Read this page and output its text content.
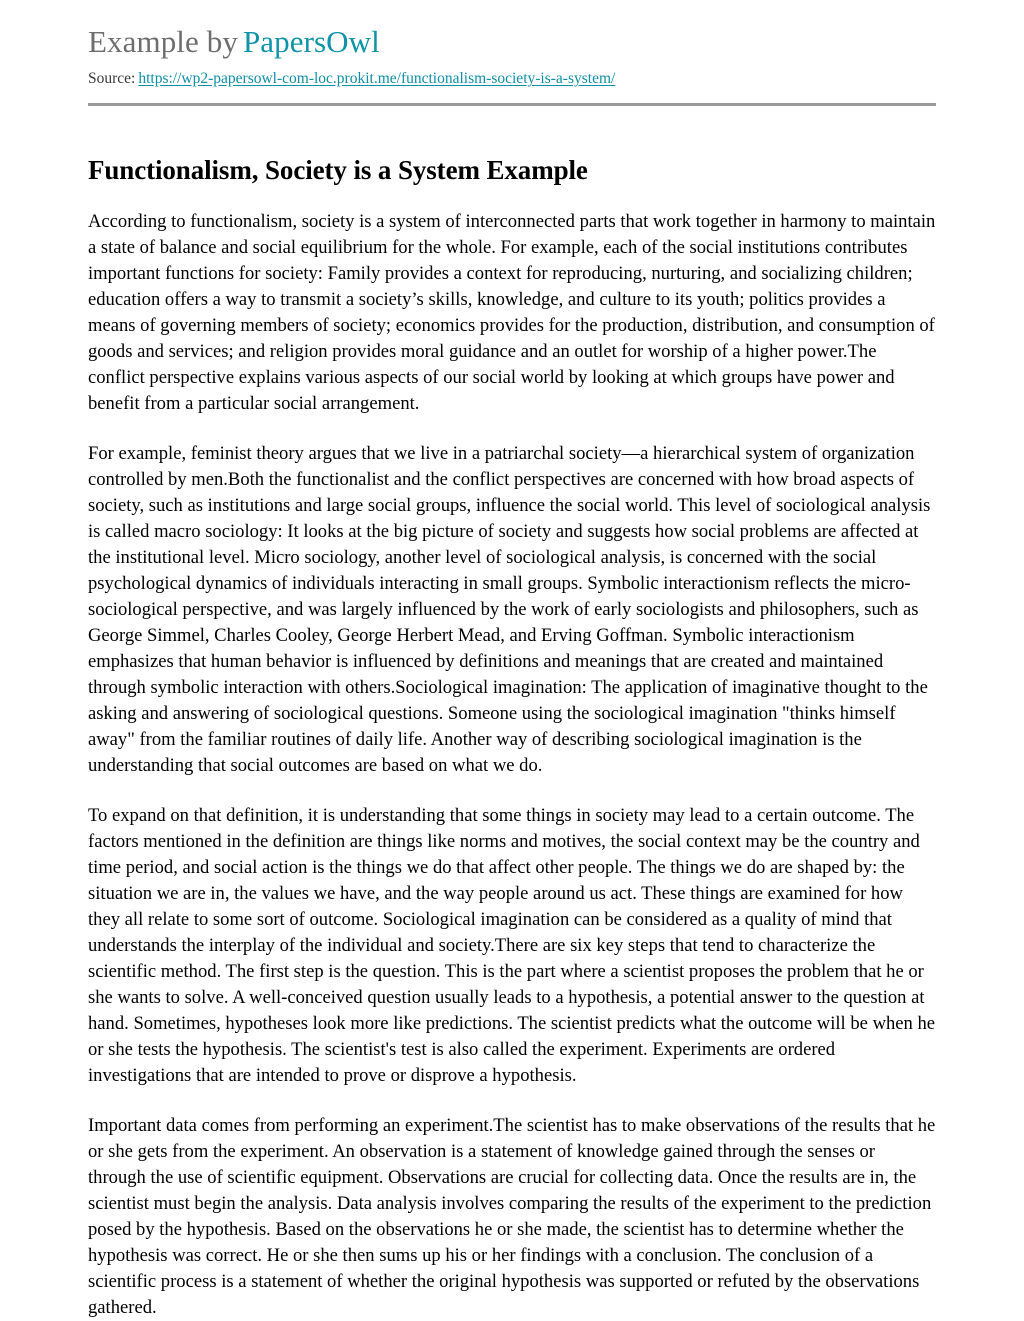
Example by PapersOwl
Source: https://wp2-papersowl-com-loc.prokit.me/functionalism-society-is-a-system/
Functionalism, Society is a System Example

According to functionalism, society is a system of interconnected parts that work together in harmony to maintain a state of balance and social equilibrium for the whole. For example, each of the social institutions contributes important functions for society: Family provides a context for reproducing, nurturing, and socializing children; education offers a way to transmit a society’s skills, knowledge, and culture to its youth; politics provides a means of governing members of society; economics provides for the production, distribution, and consumption of goods and services; and religion provides moral guidance and an outlet for worship of a higher power.The conflict perspective explains various aspects of our social world by looking at which groups have power and benefit from a particular social arrangement.

For example, feminist theory argues that we live in a patriarchal society—a hierarchical system of organization controlled by men.Both the functionalist and the conflict perspectives are concerned with how broad aspects of society, such as institutions and large social groups, influence the social world. This level of sociological analysis is called macro sociology: It looks at the big picture of society and suggests how social problems are affected at the institutional level. Micro sociology, another level of sociological analysis, is concerned with the social psychological dynamics of individuals interacting in small groups. Symbolic interactionism reflects the micro-sociological perspective, and was largely influenced by the work of early sociologists and philosophers, such as George Simmel, Charles Cooley, George Herbert Mead, and Erving Goffman. Symbolic interactionism emphasizes that human behavior is influenced by definitions and meanings that are created and maintained through symbolic interaction with others.Sociological imagination: The application of imaginative thought to the asking and answering of sociological questions. Someone using the sociological imagination "thinks himself away" from the familiar routines of daily life. Another way of describing sociological imagination is the understanding that social outcomes are based on what we do.

To expand on that definition, it is understanding that some things in society may lead to a certain outcome. The factors mentioned in the definition are things like norms and motives, the social context may be the country and time period, and social action is the things we do that affect other people. The things we do are shaped by: the situation we are in, the values we have, and the way people around us act. These things are examined for how they all relate to some sort of outcome. Sociological imagination can be considered as a quality of mind that understands the interplay of the individual and society.There are six key steps that tend to characterize the scientific method. The first step is the question. This is the part where a scientist proposes the problem that he or she wants to solve. A well-conceived question usually leads to a hypothesis, a potential answer to the question at hand. Sometimes, hypotheses look more like predictions. The scientist predicts what the outcome will be when he or she tests the hypothesis. The scientist's test is also called the experiment. Experiments are ordered investigations that are intended to prove or disprove a hypothesis.

Important data comes from performing an experiment.The scientist has to make observations of the results that he or she gets from the experiment. An observation is a statement of knowledge gained through the senses or through the use of scientific equipment. Observations are crucial for collecting data. Once the results are in, the scientist must begin the analysis. Data analysis involves comparing the results of the experiment to the prediction posed by the hypothesis. Based on the observations he or she made, the scientist has to determine whether the hypothesis was correct. He or she then sums up his or her findings with a conclusion. The conclusion of a scientific process is a statement of whether the original hypothesis was supported or refuted by the observations gathered.
